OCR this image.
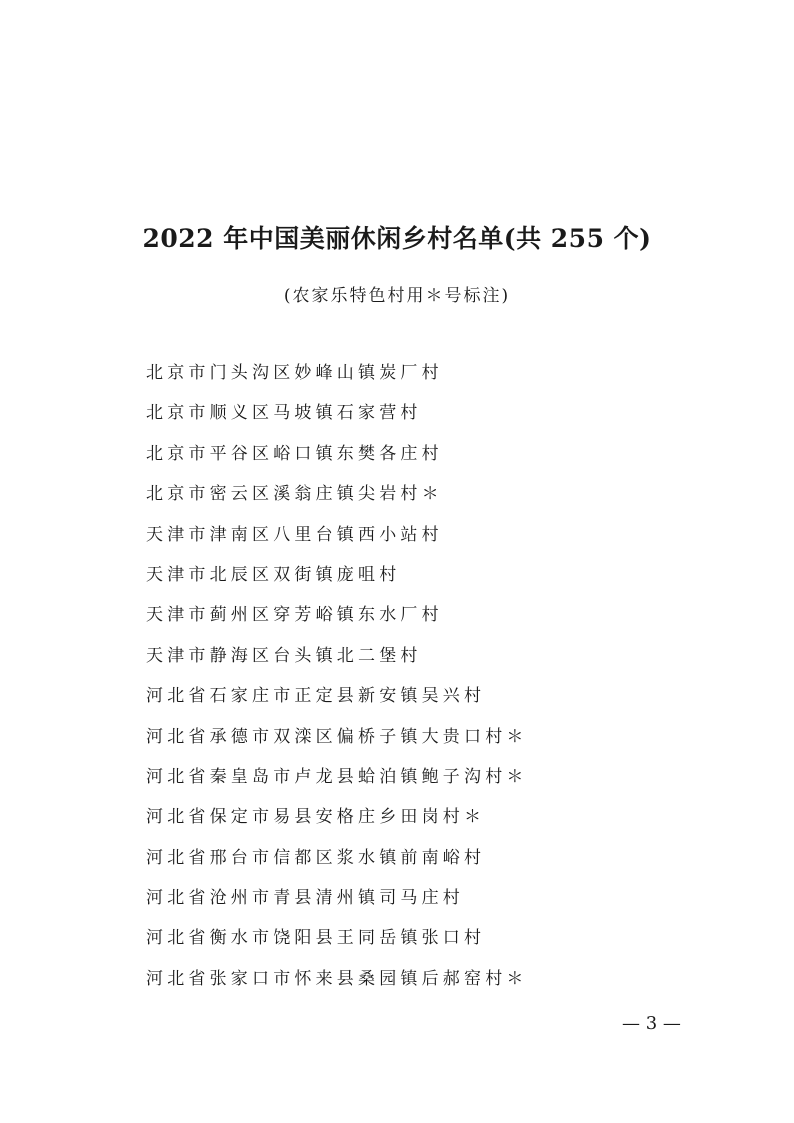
2022 年中国美丽休闲乡村名单(共 255 个)
(农家乐特色村用＊号标注)
北京市门头沟区妙峰山镇炭厂村
北京市顺义区马坡镇石家营村
北京市平谷区峪口镇东樊各庄村
北京市密云区溪翁庄镇尖岩村＊
天津市津南区八里台镇西小站村
天津市北辰区双街镇庞咀村
天津市蓟州区穿芳峪镇东水厂村
天津市静海区台头镇北二堡村
河北省石家庄市正定县新安镇吴兴村
河北省承德市双滦区偏桥子镇大贵口村＊
河北省秦皇岛市卢龙县蛤泊镇鲍子沟村＊
河北省保定市易县安格庄乡田岗村＊
河北省邢台市信都区浆水镇前南峪村
河北省沧州市青县清州镇司马庄村
河北省衡水市饶阳县王同岳镇张口村
河北省张家口市怀来县桑园镇后郝窑村＊
— 3 —
